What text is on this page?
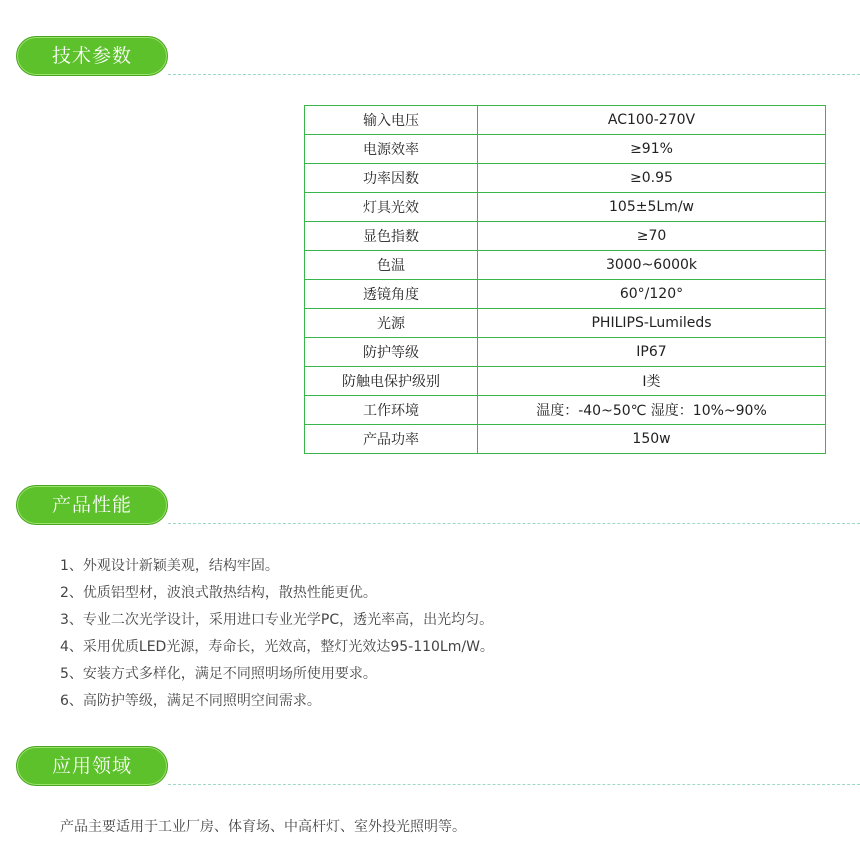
技术参数
输入电压	AC100-270V
电源效率	≥91%
功率因数	≥0.95
灯具光效	105±5Lm/w
显色指数	≥70
色温	3000~6000k
透镜角度	60°/120°
光源	PHILIPS-Lumileds
防护等级	IP67
防触电保护级别	I类
工作环境	温度：-40~50℃ 湿度：10%~90%
产品功率	150w
产品性能
1、外观设计新颖美观，结构牢固。
2、优质铝型材，波浪式散热结构，散热性能更优。
3、专业二次光学设计，采用进口专业光学PC，透光率高，出光均匀。
4、采用优质LED光源，寿命长，光效高，整灯光效达95-110Lm/W。
5、安装方式多样化，满足不同照明场所使用要求。
6、高防护等级，满足不同照明空间需求。
应用领域
产品主要适用于工业厂房、体育场、中高杆灯、室外投光照明等。
